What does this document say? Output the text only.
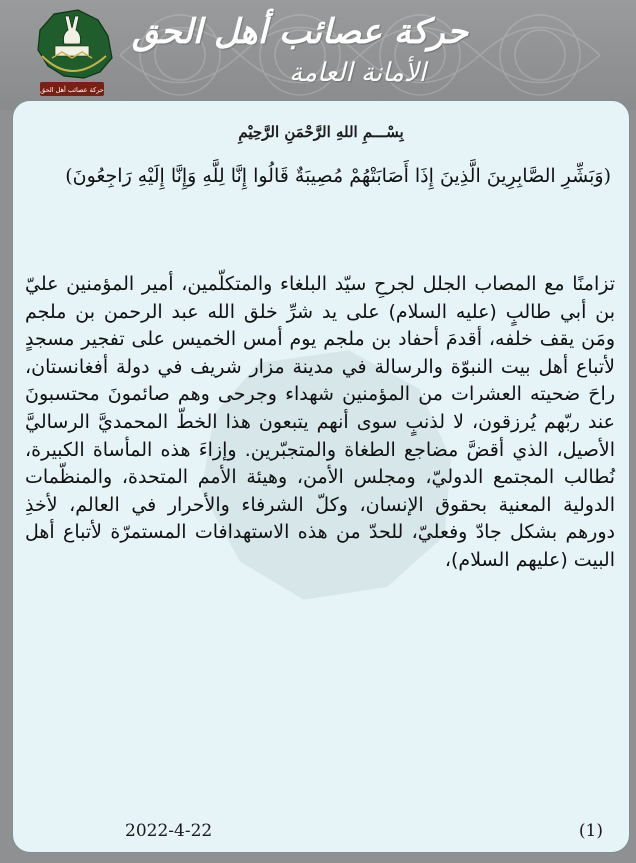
حركة عصائب أهل الحق
حركة عصائب أهل الحق
الأمانة العامة
بِسْـــمِ اللهِ الرَّحْمَنِ الرَّحِيْمِ
(وَبَشِّرِ الصَّابِرِينَ الَّذِينَ إِذَا أَصَابَتْهُمْ مُصِيبَةٌ قَالُوا إِنَّا لِلَّهِ وَإِنَّا إِلَيْهِ رَاجِعُونَ)
تزامنًا مع المصاب الجلل لجرحِ سيّد البلغاء والمتكلّمين، أمير المؤمنين عليّ بن أبي طالبٍ (عليه السلام) على يد شرِّ خلق الله عبد الرحمن بن ملجم ومَن يقف خلفه، أقدمَ أحفاد بن ملجم يوم أمس الخميس على تفجير مسجدٍ لأتباع أهل بيت النبوّة والرسالة في مدينة مزار شريف في دولة أفغانستان، راحَ ضحيته العشرات من المؤمنين شهداء وجرحى وهم صائمونَ محتسبونَ عند ربّهم يُرزقون، لا لذنبٍ سوى أنهم يتبعون هذا الخطّ المحمديَّ الرساليَّ الأصيل، الذي أقضَّ مضاجع الطغاة والمتجبّرين. وإزاءَ هذه المأساة الكبيرة، نُطالب المجتمع الدوليّ، ومجلس الأمن، وهيئة الأمم المتحدة، والمنظّمات الدولية المعنية بحقوق الإنسان، وكلّ الشرفاء والأحرار في العالم، لأخذِ دورهم بشكل جادّ وفعليّ، للحدّ من هذه الاستهدافات المستمرّة لأتباع أهل البيت (عليهم السلام)،
2022-4-22	(1)
